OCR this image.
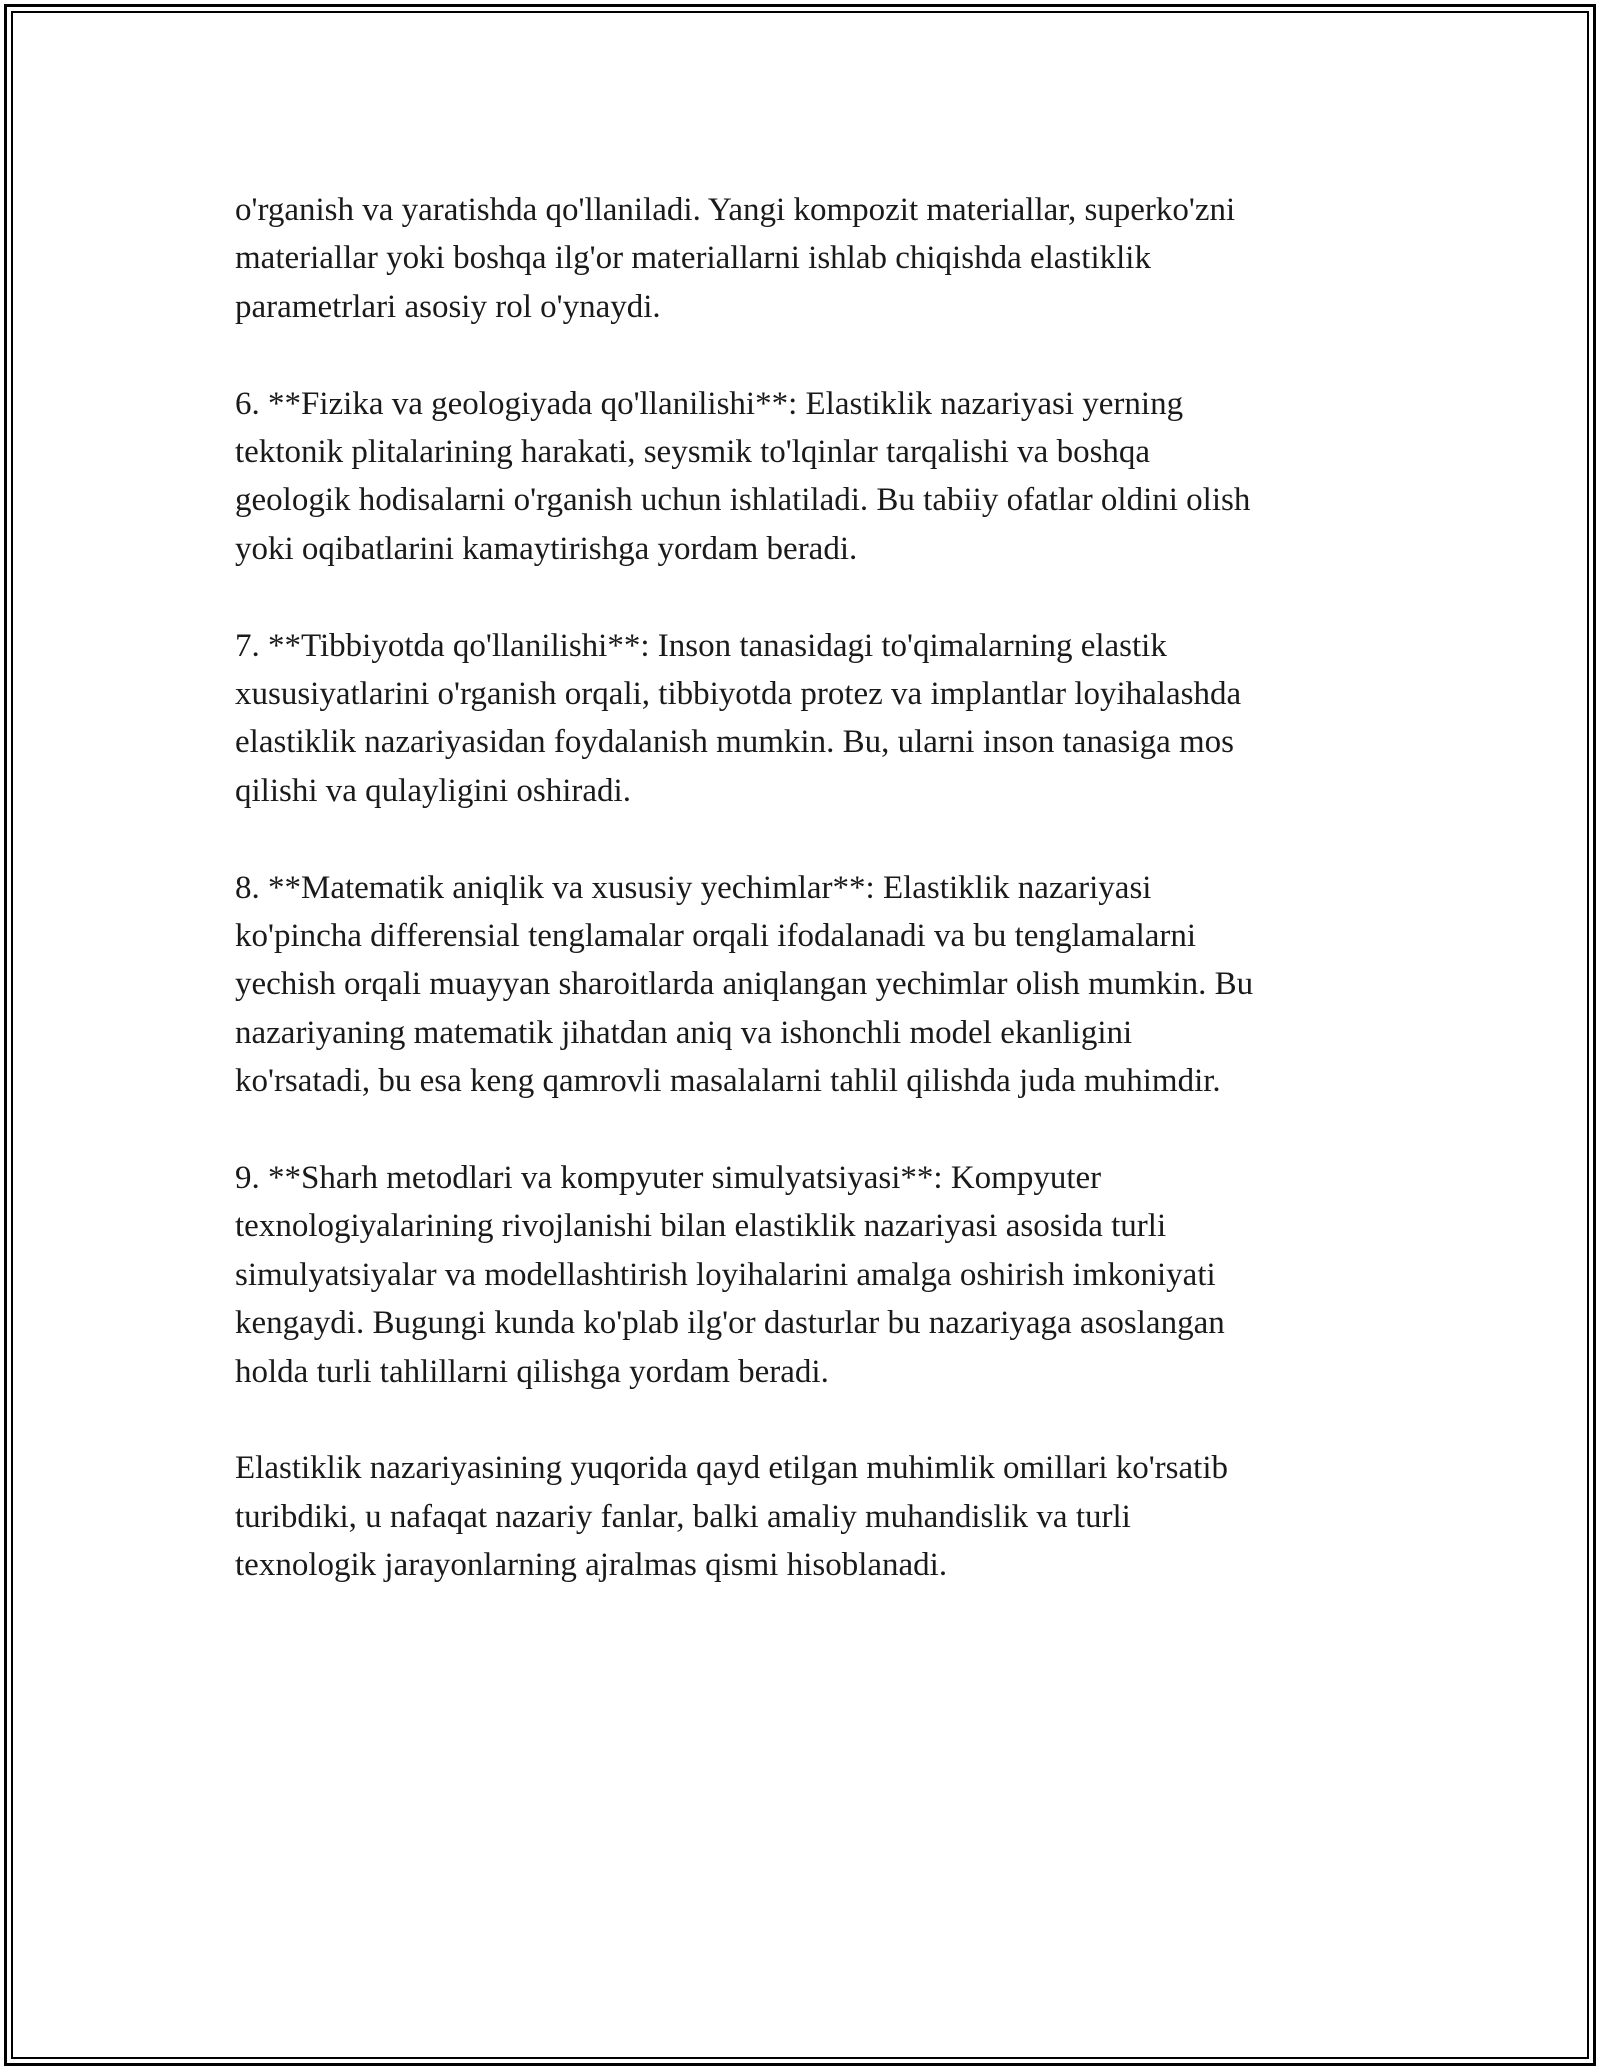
o'rganish va yaratishda qo'llaniladi. Yangi kompozit materiallar, superko'zni
materiallar yoki boshqa ilg'or materiallarni ishlab chiqishda elastiklik
parametrlari asosiy rol o'ynaydi.

6. **Fizika va geologiyada qo'llanilishi**: Elastiklik nazariyasi yerning
tektonik plitalarining harakati, seysmik to'lqinlar tarqalishi va boshqa
geologik hodisalarni o'rganish uchun ishlatiladi. Bu tabiiy ofatlar oldini olish
yoki oqibatlarini kamaytirishga yordam beradi.

7. **Tibbiyotda qo'llanilishi**: Inson tanasidagi to'qimalarning elastik
xususiyatlarini o'rganish orqali, tibbiyotda protez va implantlar loyihalashda
elastiklik nazariyasidan foydalanish mumkin. Bu, ularni inson tanasiga mos
qilishi va qulayligini oshiradi.

8. **Matematik aniqlik va xususiy yechimlar**: Elastiklik nazariyasi
ko'pincha differensial tenglamalar orqali ifodalanadi va bu tenglamalarni
yechish orqali muayyan sharoitlarda aniqlangan yechimlar olish mumkin. Bu
nazariyaning matematik jihatdan aniq va ishonchli model ekanligini
ko'rsatadi, bu esa keng qamrovli masalalarni tahlil qilishda juda muhimdir.

9. **Sharh metodlari va kompyuter simulyatsiyasi**: Kompyuter
texnologiyalarining rivojlanishi bilan elastiklik nazariyasi asosida turli
simulyatsiyalar va modellashtirish loyihalarini amalga oshirish imkoniyati
kengaydi. Bugungi kunda ko'plab ilg'or dasturlar bu nazariyaga asoslangan
holda turli tahlillarni qilishga yordam beradi.

Elastiklik nazariyasining yuqorida qayd etilgan muhimlik omillari ko'rsatib
turibdiki, u nafaqat nazariy fanlar, balki amaliy muhandislik va turli
texnologik jarayonlarning ajralmas qismi hisoblanadi.
